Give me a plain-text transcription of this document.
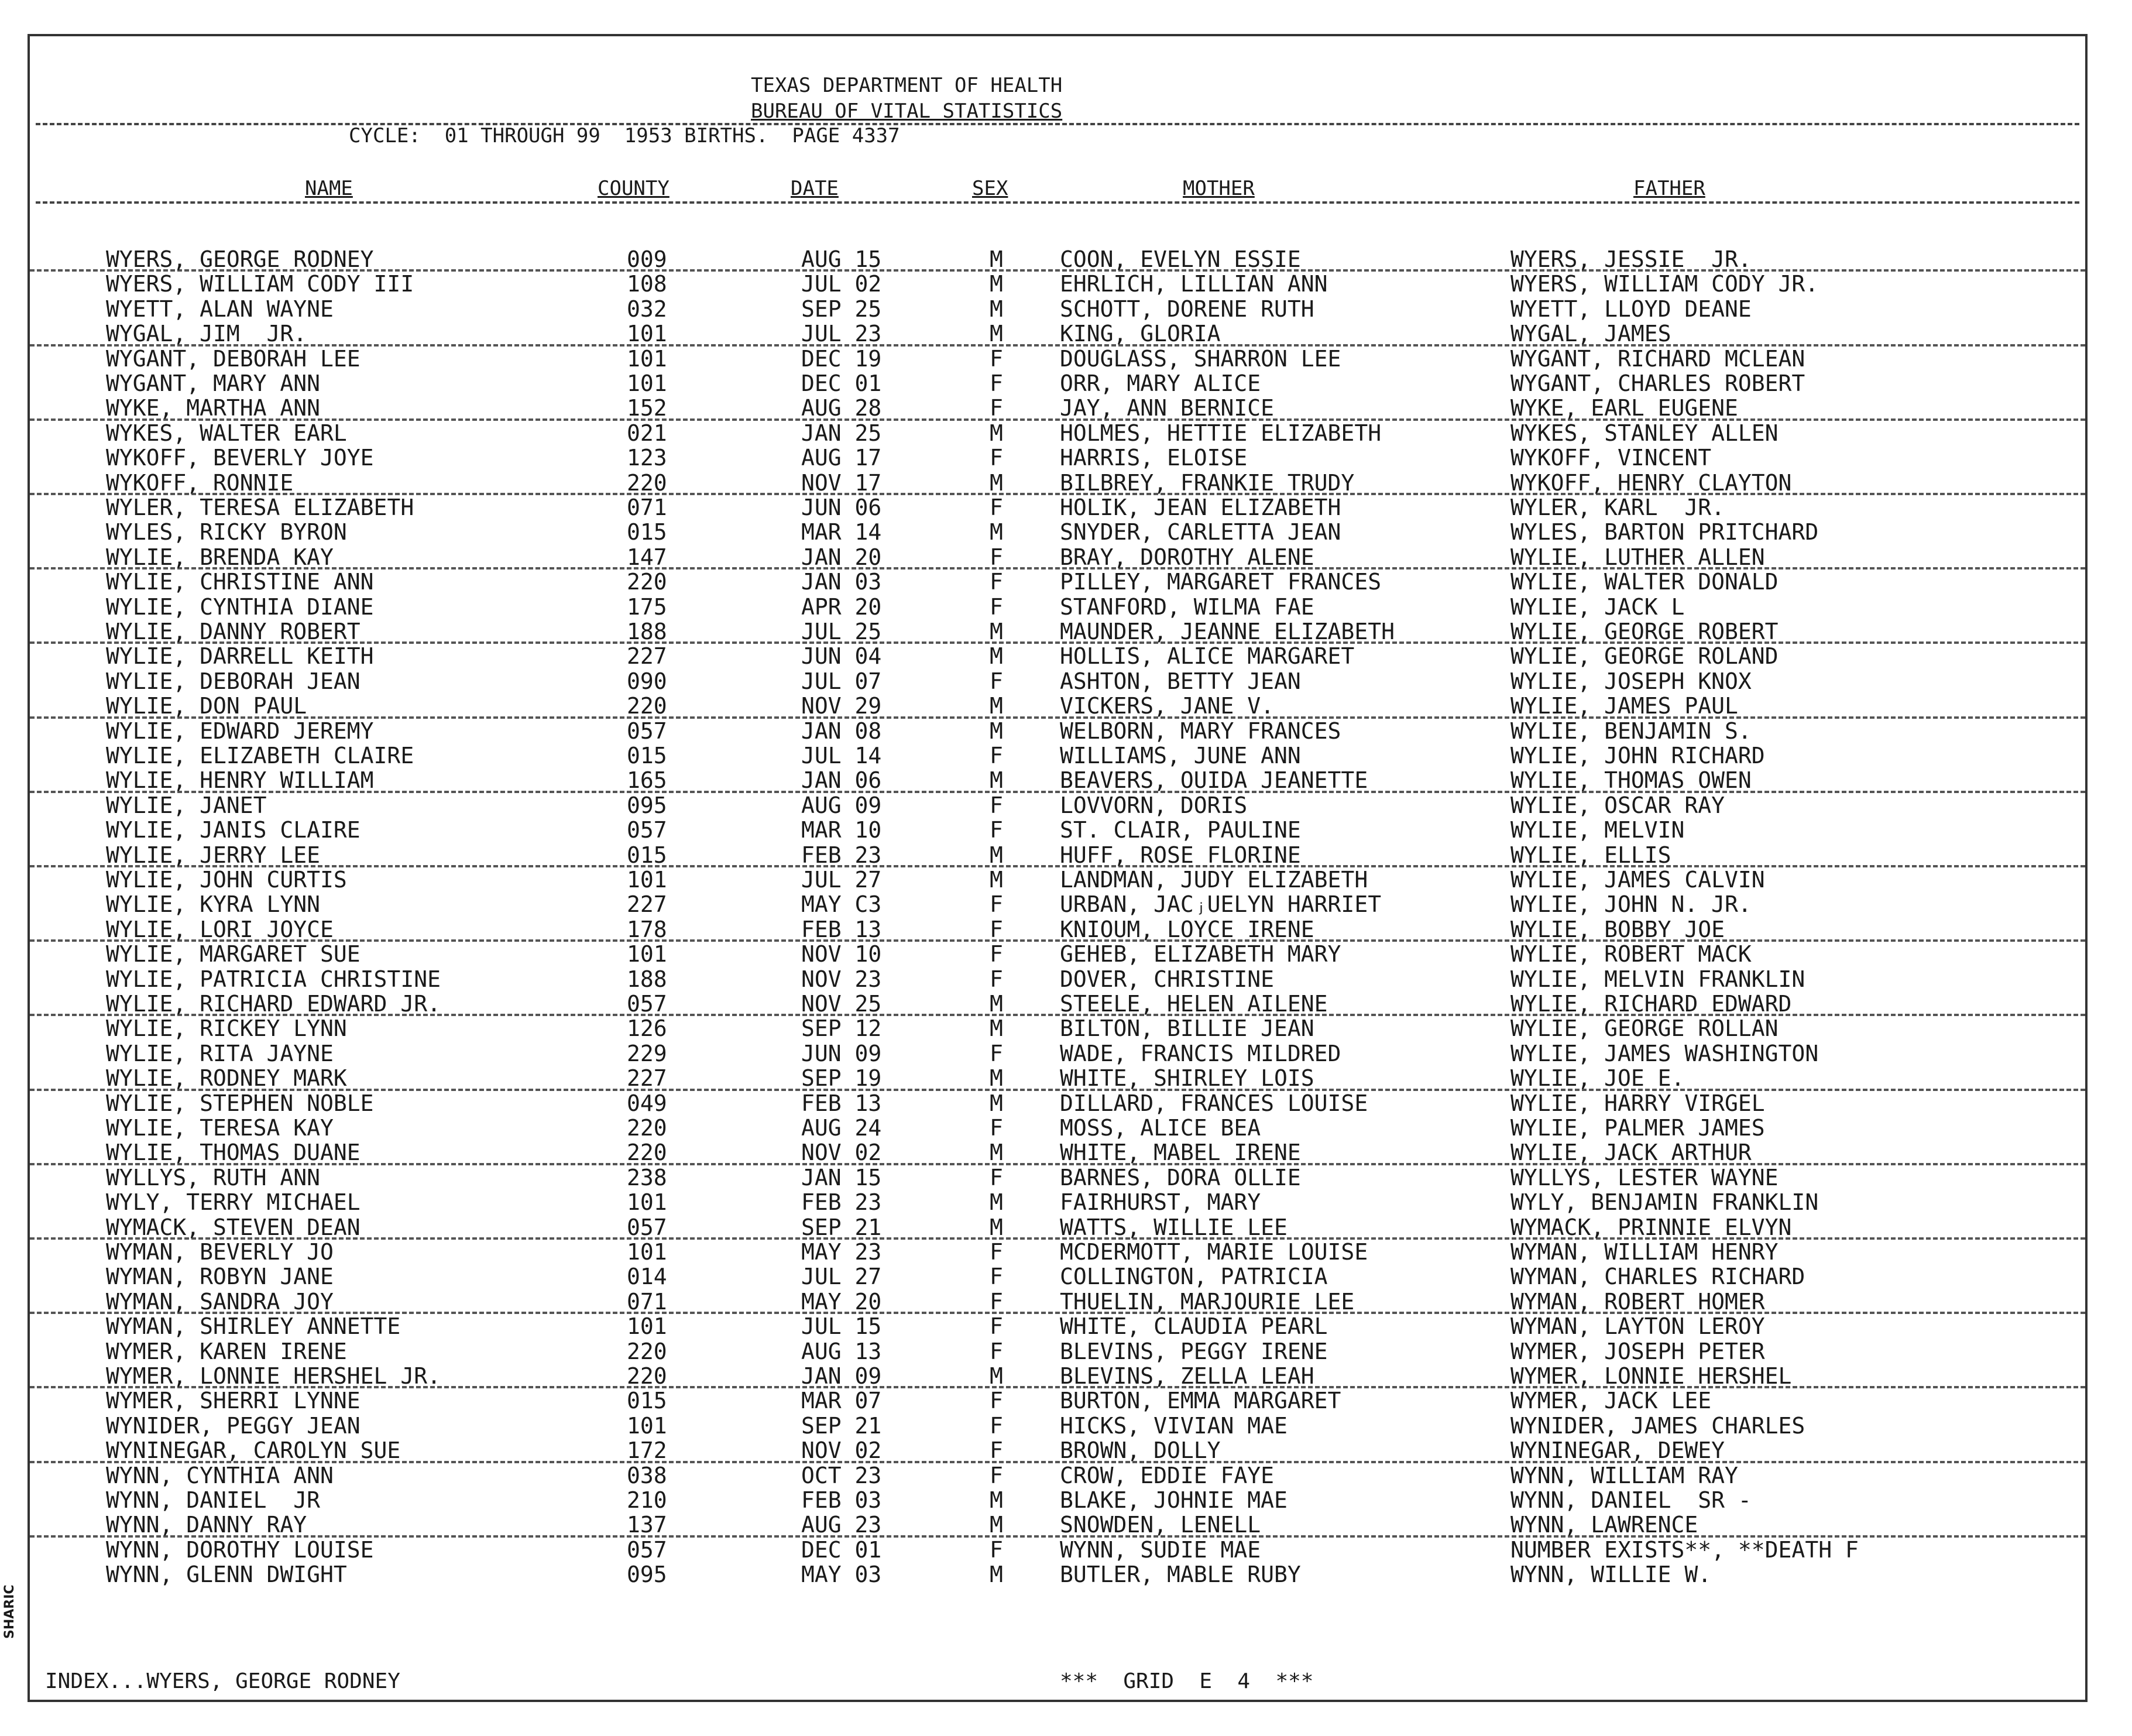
TEXAS DEPARTMENT OF HEALTH
BUREAU OF VITAL STATISTICS
CYCLE:  01 THROUGH 99  1953 BIRTHS.  PAGE 4337
NAME	COUNTY	DATE	SEX	MOTHER	FATHER
WYERS, GEORGE RODNEY	009	AUG 15	M	COON, EVELYN ESSIE	WYERS, JESSIE  JR.
WYERS, WILLIAM CODY III	108	JUL 02	M	EHRLICH, LILLIAN ANN	WYERS, WILLIAM CODY JR.
WYETT, ALAN WAYNE	032	SEP 25	M	SCHOTT, DORENE RUTH	WYETT, LLOYD DEANE
WYGAL, JIM  JR.	101	JUL 23	M	KING, GLORIA	WYGAL, JAMES
WYGANT, DEBORAH LEE	101	DEC 19	F	DOUGLASS, SHARRON LEE	WYGANT, RICHARD MCLEAN
WYGANT, MARY ANN	101	DEC 01	F	ORR, MARY ALICE	WYGANT, CHARLES ROBERT
WYKE, MARTHA ANN	152	AUG 28	F	JAY, ANN BERNICE	WYKE, EARL EUGENE
WYKES, WALTER EARL	021	JAN 25	M	HOLMES, HETTIE ELIZABETH	WYKES, STANLEY ALLEN
WYKOFF, BEVERLY JOYE	123	AUG 17	F	HARRIS, ELOISE	WYKOFF, VINCENT
WYKOFF, RONNIE	220	NOV 17	M	BILBREY, FRANKIE TRUDY	WYKOFF, HENRY CLAYTON
WYLER, TERESA ELIZABETH	071	JUN 06	F	HOLIK, JEAN ELIZABETH	WYLER, KARL  JR.
WYLES, RICKY BYRON	015	MAR 14	M	SNYDER, CARLETTA JEAN	WYLES, BARTON PRITCHARD
WYLIE, BRENDA KAY	147	JAN 20	F	BRAY, DOROTHY ALENE	WYLIE, LUTHER ALLEN
WYLIE, CHRISTINE ANN	220	JAN 03	F	PILLEY, MARGARET FRANCES	WYLIE, WALTER DONALD
WYLIE, CYNTHIA DIANE	175	APR 20	F	STANFORD, WILMA FAE	WYLIE, JACK L
WYLIE, DANNY ROBERT	188	JUL 25	M	MAUNDER, JEANNE ELIZABETH	WYLIE, GEORGE ROBERT
WYLIE, DARRELL KEITH	227	JUN 04	M	HOLLIS, ALICE MARGARET	WYLIE, GEORGE ROLAND
WYLIE, DEBORAH JEAN	090	JUL 07	F	ASHTON, BETTY JEAN	WYLIE, JOSEPH KNOX
WYLIE, DON PAUL	220	NOV 29	M	VICKERS, JANE V.	WYLIE, JAMES PAUL
WYLIE, EDWARD JEREMY	057	JAN 08	M	WELBORN, MARY FRANCES	WYLIE, BENJAMIN S.
WYLIE, ELIZABETH CLAIRE	015	JUL 14	F	WILLIAMS, JUNE ANN	WYLIE, JOHN RICHARD
WYLIE, HENRY WILLIAM	165	JAN 06	M	BEAVERS, OUIDA JEANETTE	WYLIE, THOMAS OWEN
WYLIE, JANET	095	AUG 09	F	LOVVORN, DORIS	WYLIE, OSCAR RAY
WYLIE, JANIS CLAIRE	057	MAR 10	F	ST. CLAIR, PAULINE	WYLIE, MELVIN
WYLIE, JERRY LEE	015	FEB 23	M	HUFF, ROSE FLORINE	WYLIE, ELLIS
WYLIE, JOHN CURTIS	101	JUL 27	M	LANDMAN, JUDY ELIZABETH	WYLIE, JAMES CALVIN
WYLIE, KYRA LYNN	227	MAY C3	F	URBAN, JACⱼUELYN HARRIET	WYLIE, JOHN N. JR.
WYLIE, LORI JOYCE	178	FEB 13	F	KNIOUM, LOYCE IRENE	WYLIE, BOBBY JOE
WYLIE, MARGARET SUE	101	NOV 10	F	GEHEB, ELIZABETH MARY	WYLIE, ROBERT MACK
WYLIE, PATRICIA CHRISTINE	188	NOV 23	F	DOVER, CHRISTINE	WYLIE, MELVIN FRANKLIN
WYLIE, RICHARD EDWARD JR.	057	NOV 25	M	STEELE, HELEN AILENE	WYLIE, RICHARD EDWARD
WYLIE, RICKEY LYNN	126	SEP 12	M	BILTON, BILLIE JEAN	WYLIE, GEORGE ROLLAN
WYLIE, RITA JAYNE	229	JUN 09	F	WADE, FRANCIS MILDRED	WYLIE, JAMES WASHINGTON
WYLIE, RODNEY MARK	227	SEP 19	M	WHITE, SHIRLEY LOIS	WYLIE, JOE E.
WYLIE, STEPHEN NOBLE	049	FEB 13	M	DILLARD, FRANCES LOUISE	WYLIE, HARRY VIRGEL
WYLIE, TERESA KAY	220	AUG 24	F	MOSS, ALICE BEA	WYLIE, PALMER JAMES
WYLIE, THOMAS DUANE	220	NOV 02	M	WHITE, MABEL IRENE	WYLIE, JACK ARTHUR
WYLLYS, RUTH ANN	238	JAN 15	F	BARNES, DORA OLLIE	WYLLYS, LESTER WAYNE
WYLY, TERRY MICHAEL	101	FEB 23	M	FAIRHURST, MARY	WYLY, BENJAMIN FRANKLIN
WYMACK, STEVEN DEAN	057	SEP 21	M	WATTS, WILLIE LEE	WYMACK, PRINNIE ELVYN
WYMAN, BEVERLY JO	101	MAY 23	F	MCDERMOTT, MARIE LOUISE	WYMAN, WILLIAM HENRY
WYMAN, ROBYN JANE	014	JUL 27	F	COLLINGTON, PATRICIA	WYMAN, CHARLES RICHARD
WYMAN, SANDRA JOY	071	MAY 20	F	THUELIN, MARJOURIE LEE	WYMAN, ROBERT HOMER
WYMAN, SHIRLEY ANNETTE	101	JUL 15	F	WHITE, CLAUDIA PEARL	WYMAN, LAYTON LEROY
WYMER, KAREN IRENE	220	AUG 13	F	BLEVINS, PEGGY IRENE	WYMER, JOSEPH PETER
WYMER, LONNIE HERSHEL JR.	220	JAN 09	M	BLEVINS, ZELLA LEAH	WYMER, LONNIE HERSHEL
WYMER, SHERRI LYNNE	015	MAR 07	F	BURTON, EMMA MARGARET	WYMER, JACK LEE
WYNIDER, PEGGY JEAN	101	SEP 21	F	HICKS, VIVIAN MAE	WYNIDER, JAMES CHARLES
WYNINEGAR, CAROLYN SUE	172	NOV 02	F	BROWN, DOLLY	WYNINEGAR, DEWEY
WYNN, CYNTHIA ANN	038	OCT 23	F	CROW, EDDIE FAYE	WYNN, WILLIAM RAY
WYNN, DANIEL  JR	210	FEB 03	M	BLAKE, JOHNIE MAE	WYNN, DANIEL  SR -
WYNN, DANNY RAY	137	AUG 23	M	SNOWDEN, LENELL	WYNN, LAWRENCE
WYNN, DOROTHY LOUISE	057	DEC 01	F	WYNN, SUDIE MAE	NUMBER EXISTS**, **DEATH F
WYNN, GLENN DWIGHT	095	MAY 03	M	BUTLER, MABLE RUBY	WYNN, WILLIE W.
INDEX...WYERS, GEORGE RODNEY	***  GRID  E  4  ***
SHARIC
